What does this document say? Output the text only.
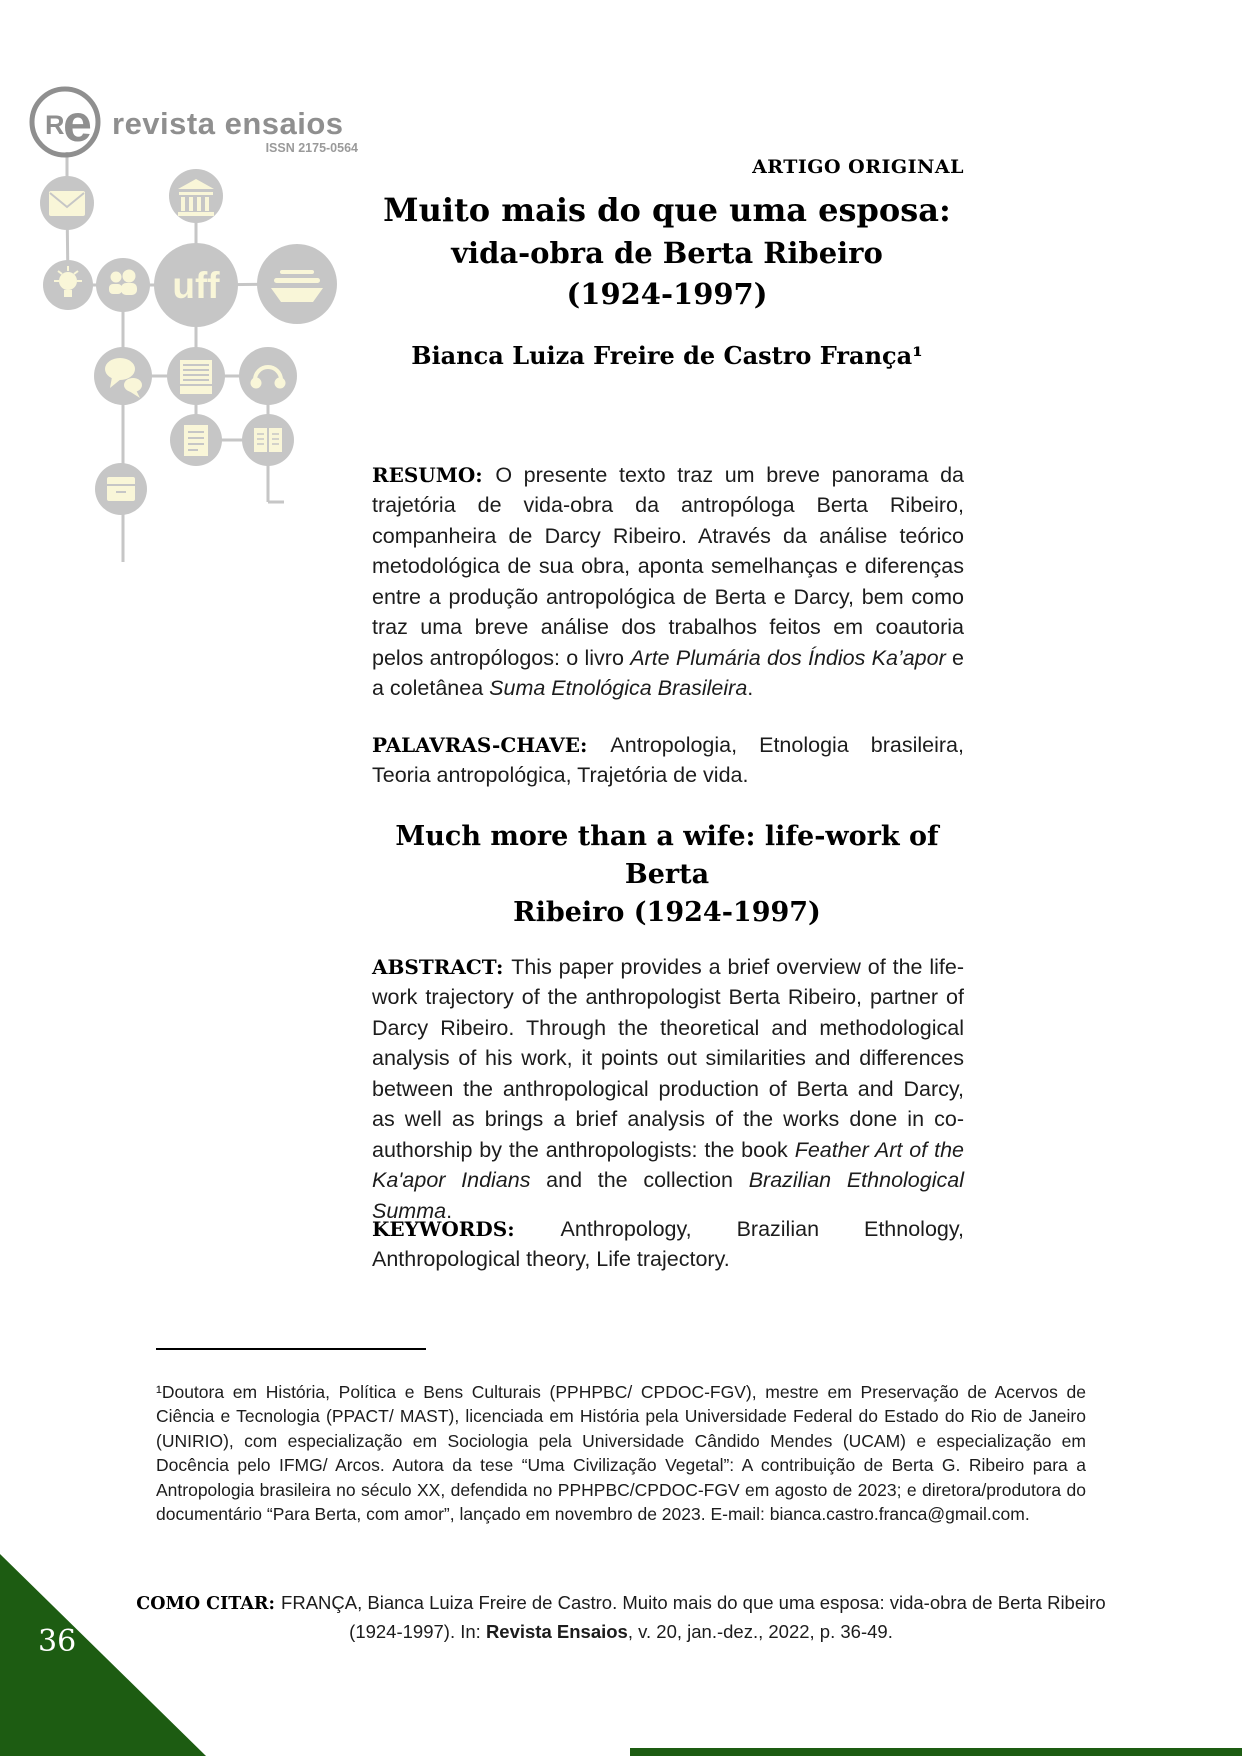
R
e revista ensaios
ISSN 2175-0564
uff
ARTIGO ORIGINAL
Muito mais do que uma esposa:
vida-obra de Berta Ribeiro
(1924-1997)
Bianca Luiza Freire de Castro França¹

RESUMO: O presente texto traz um breve panorama da trajetória de vida-obra da antropóloga Berta Ribeiro, companheira de Darcy Ribeiro. Através da análise teórico metodológica de sua obra, aponta semelhanças e diferenças entre a produção antropológica de Berta e Darcy, bem como traz uma breve análise dos trabalhos feitos em coautoria pelos antropólogos: o livro Arte Plumária dos Índios Ka’apor e a coletânea Suma Etnológica Brasileira.

PALAVRAS-CHAVE: Antropologia, Etnologia brasileira, Teoria antropológica, Trajetória de vida.

Much more than a wife: life-work of Berta
Ribeiro (1924-1997)

ABSTRACT: This paper provides a brief overview of the life-work trajectory of the anthropologist Berta Ribeiro, partner of Darcy Ribeiro. Through the theoretical and methodological analysis of his work, it points out similarities and differences between the anthropological production of Berta and Darcy, as well as brings a brief analysis of the works done in co-authorship by the anthropologists: the book Feather Art of the Ka'apor Indians and the collection Brazilian Ethnological Summa.

KEYWORDS: Anthropology, Brazilian Ethnology, Anthropological theory, Life trajectory.

¹Doutora em História, Política e Bens Culturais (PPHPBC/ CPDOC-FGV), mestre em Preservação de Acervos de Ciência e Tecnologia (PPACT/ MAST), licenciada em História pela Universidade Federal do Estado do Rio de Janeiro (UNIRIO), com especialização em Sociologia pela Universidade Cândido Mendes (UCAM) e especialização em Docência pelo IFMG/ Arcos. Autora da tese “Uma Civilização Vegetal”: A contribuição de Berta G. Ribeiro para a Antropologia brasileira no século XX, defendida no PPHPBC/CPDOC-FGV em agosto de 2023; e diretora/produtora do documentário “Para Berta, com amor”, lançado em novembro de 2023. E-mail: bianca.castro.franca@gmail.com.

COMO CITAR: FRANÇA, Bianca Luiza Freire de Castro. Muito mais do que uma esposa: vida-obra de Berta Ribeiro (1924-1997). In: Revista Ensaios, v. 20, jan.-dez., 2022, p. 36-49.

36
